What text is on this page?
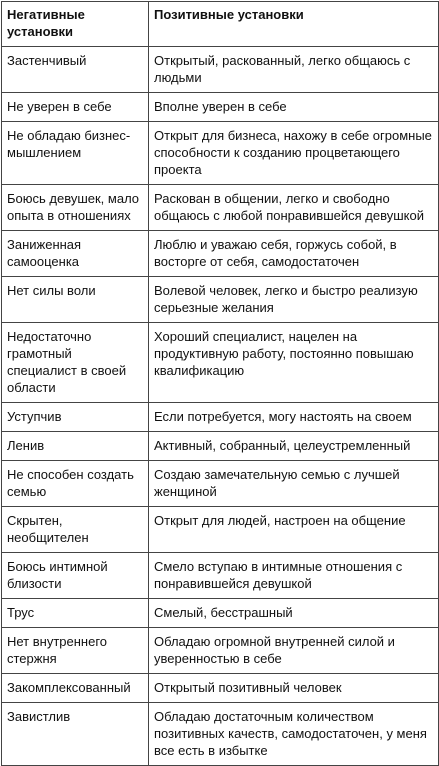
Негативные установки	Позитивные установки
Застенчивый	Открытый, раскованный, легко общаюсь с людьми
Не уверен в себе	Вполне уверен в себе
Не обладаю бизнес-мышлением	Открыт для бизнеса, нахожу в себе огромные способности к созданию процветающего проекта
Боюсь девушек, мало опыта в отношениях	Раскован в общении, легко и свободно общаюсь с любой понравившейся девушкой
Заниженная самооценка	Люблю и уважаю себя, горжусь собой, в восторге от себя, самодостаточен
Нет силы воли	Волевой человек, легко и быстро реализую серьезные желания
Недостаточно грамотный специалист в своей области	Хороший специалист, нацелен на продуктивную работу, постоянно повышаю квалификацию
Уступчив	Если потребуется, могу настоять на своем
Ленив	Активный, собранный, целеустремленный
Не способен создать семью	Создаю замечательную семью с лучшей женщиной
Скрытен, необщителен	Открыт для людей, настроен на общение
Боюсь интимной близости	Смело вступаю в интимные отношения с понравившейся девушкой
Трус	Смелый, бесстрашный
Нет внутреннего стержня	Обладаю огромной внутренней силой и уверенностью в себе
Закомплексованный	Открытый позитивный человек
Завистлив	Обладаю достаточным количеством позитивных качеств, самодостаточен, у меня все есть в избытке
